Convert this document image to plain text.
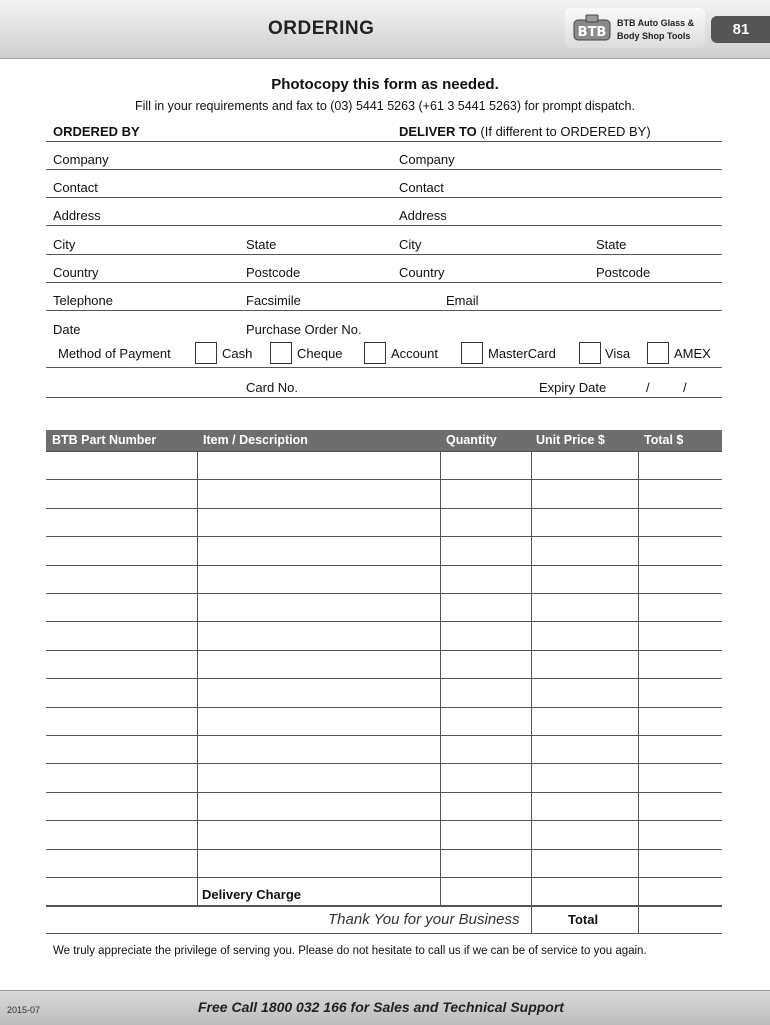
ORDERING	BTB
BTB Auto Glass &
Body Shop Tools	81
Photocopy this form as needed.
Fill in your requirements and fax to (03) 5441 5263 (+61 3 5441 5263) for prompt dispatch.
ORDERED BY	DELIVER TO (If different to ORDERED BY)
Company	Company
Contact	Contact
Address	Address
City	State	City	State
Country	Postcode	Country	Postcode
Telephone	Facsimile	Email
Date	Purchase Order No.
Method of Payment	Cash	Cheque	Account	MasterCard	Visa	AMEX
Card No.	Expiry Date	/	/
BTB Part Number	Item / Description	Quantity	Unit Price $	Total $
Delivery Charge
Thank You for your Business	Total
We truly appreciate the privilege of serving you. Please do not hesitate to call us if we can be of service to you again.
2015-07	Free Call 1800 032 166 for Sales and Technical Support
